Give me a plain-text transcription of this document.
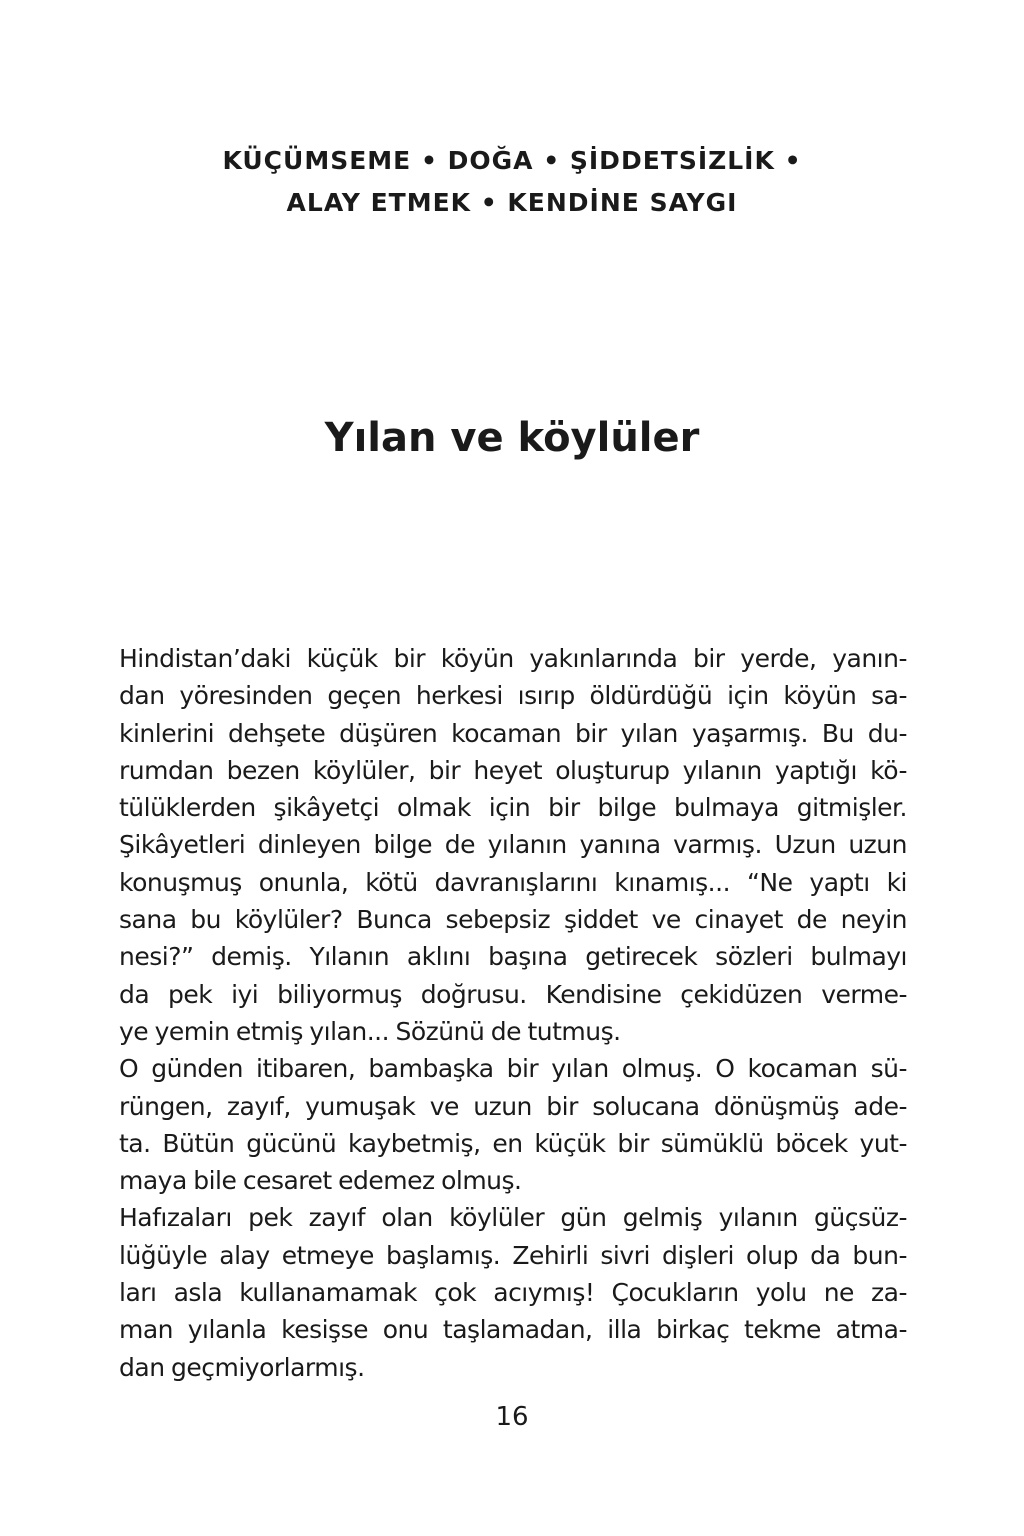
KÜÇÜMSEME • DOĞA • ŞİDDETSİZLİK •
ALAY ETMEK • KENDİNE SAYGI
Yılan ve köylüler

Hindistan’daki küçük bir köyün yakınlarında bir yerde, yanın-
dan yöresinden geçen herkesi ısırıp öldürdüğü için köyün sa-
kinlerini dehşete düşüren kocaman bir yılan yaşarmış. Bu du-
rumdan bezen köylüler, bir heyet oluşturup yılanın yaptığı kö-
tülüklerden şikâyetçi olmak için bir bilge bulmaya gitmişler.
Şikâyetleri dinleyen bilge de yılanın yanına varmış. Uzun uzun
konuşmuş onunla, kötü davranışlarını kınamış... “Ne yaptı ki
sana bu köylüler? Bunca sebepsiz şiddet ve cinayet de neyin
nesi?” demiş. Yılanın aklını başına getirecek sözleri bulmayı
da pek iyi biliyormuş doğrusu. Kendisine çekidüzen verme-
ye yemin etmiş yılan... Sözünü de tutmuş.

O günden itibaren, bambaşka bir yılan olmuş. O kocaman sü-
rüngen, zayıf, yumuşak ve uzun bir solucana dönüşmüş ade-
ta. Bütün gücünü kaybetmiş, en küçük bir sümüklü böcek yut-
maya bile cesaret edemez olmuş.

Hafızaları pek zayıf olan köylüler gün gelmiş yılanın güçsüz-
lüğüyle alay etmeye başlamış. Zehirli sivri dişleri olup da bun-
ları asla kullanamamak çok acıymış! Çocukların yolu ne za-
man yılanla kesişse onu taşlamadan, illa birkaç tekme atma-
dan geçmiyorlarmış.

16
